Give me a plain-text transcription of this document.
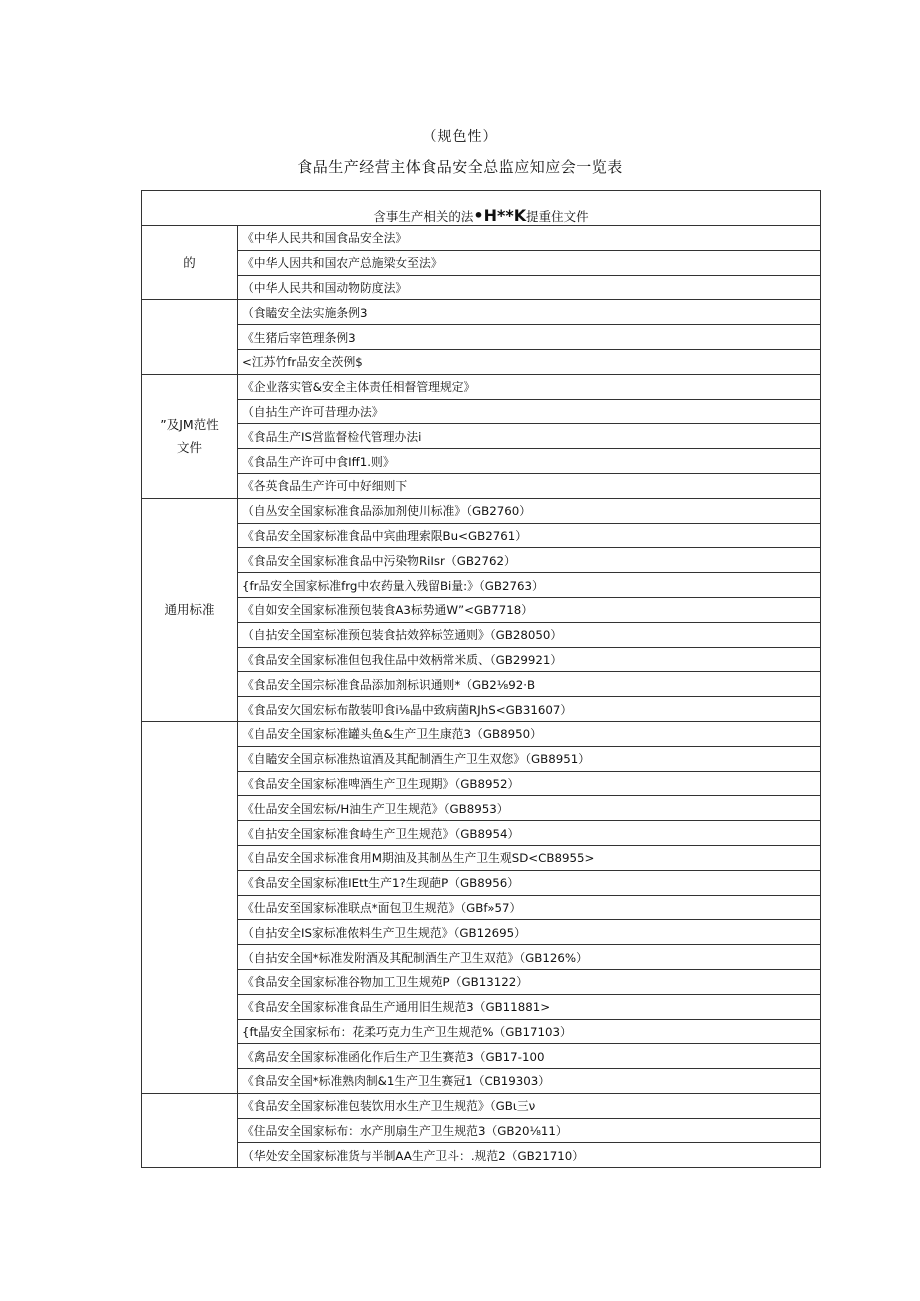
（规色性）
食品生产经营主体食品安全总监应知应会一览表
含事生产相关的法•H**K提重住文件	

的	《中华人民共和国食品安全法》
	《中华人因共和国农产总施梁女至法》
	（中华人民共和国动物防度法》
	（食瞌安全法实施条例3
	《生猪后宰笆理条例3
	<江苏竹fr品安全茨例$

”及JM范性
文件	《企业落实管&安全主体责任相督管理规定》
	（自拈生产许可昔理办法》
	《食品生产IS営监督检代管理办法i
	《食品生产许可中食Iff1.则》
	《各英食品生产许可中好细则下

通用标准	（自丛安全国家标准食品添加剂使川标准》（GB2760）
	《食品安全国家标准食品中宾曲理索限Bu<GB2761）
	《食品安全国家标准食品中污染物RiIsr（GB2762）
	{fr品安全国家标准frg中农药量入残留Bi量:》（GB2763）
	《自如安全国家标准预包装食A3标势通W”<GB7718）
	（自拈安全国室标准预包装食拈效猝标笠通则》（GB28050）
	《食品安全国家标准但包我住品中效柄常米质、（GB29921）
	《食品安全国宗标准食品添加剂标识通则*（GB2⅛92·B
	《食品安欠国宏标布散装叩食i⅛晶中致病菌RJhS<GB31607）
	《自品安全国家标准罐头鱼&生产卫生康范3（GB8950）
	《自瞌安全国京标准热谊酒及其配制酒生产卫生双您》（GB8951）
	《食品安全国家标准啤酒生产卫生现期》（GB8952）
	《仕品安全国宏标/H油生产卫生规范》（GB8953）
	《自拈安全国家标准食峙生产卫生规范》（GB8954）
	《自品安全国求标准食用M期油及其制丛生产卫生观SD<CB8955>
	《食品安全国家标准IEtt生产1?生现葩P（GB8956）
	《仕品安至国家标准联点*面包卫生规范》（GBf»57）
	（自拈安全IS家标准侬料生产卫生规范》（GB12695）
	（自拈安全国*标准发附酒及其配制酒生产卫生双范》（GB126%）
	《食品安全国家标准谷物加工卫生规苑P（GB13122）
	《食品安全国家标准食品生产通用旧生规范3（GB11881>
	{ft晶安全国家标布：花柔巧克力生产卫生规范%（GB17103）
	《禽品安全国家标准函化作后生产卫生赛范3（GB17-100
	《食品安全国*标准熟肉制&1生产卫生赛冠1（CB19303）
	《食品安全国家标准包装饮用水生产卫生规范》（GBι三ν
	《住品安全国家标布：水产刖扇生产卫生规范3（GB20⅛11）
	（华处安全国家标准货与半制AA生产卫斗：.规范2（GB21710）
